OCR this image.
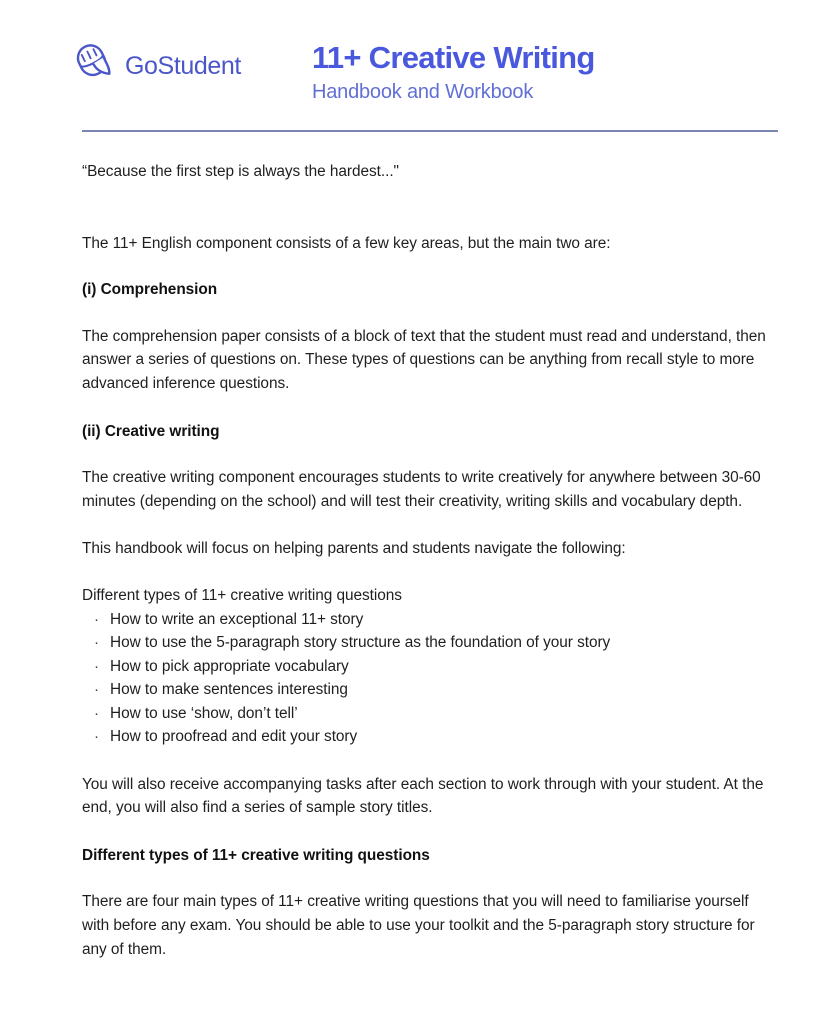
GoStudent 11+ Creative Writing
Handbook and Workbook

“Because the first step is always the hardest..."

The 11+ English component consists of a few key areas, but the main two are:

(i) Comprehension

The comprehension paper consists of a block of text that the student must read and understand, then answer a series of questions on. These types of questions can be anything from recall style to more advanced inference questions.

(ii) Creative writing

The creative writing component encourages students to write creatively for anywhere between 30-60 minutes (depending on the school) and will test their creativity, writing skills and vocabulary depth.

This handbook will focus on helping parents and students navigate the following:

Different types of 11+ creative writing questions

· How to write an exceptional 11+ story
· How to use the 5-paragraph story structure as the foundation of your story
· How to pick appropriate vocabulary
· How to make sentences interesting
· How to use ‘show, don’t tell’
· How to proofread and edit your story

You will also receive accompanying tasks after each section to work through with your student. At the end, you will also find a series of sample story titles.

Different types of 11+ creative writing questions

There are four main types of 11+ creative writing questions that you will need to familiarise yourself with before any exam. You should be able to use your toolkit and the 5-paragraph story structure for any of them.
